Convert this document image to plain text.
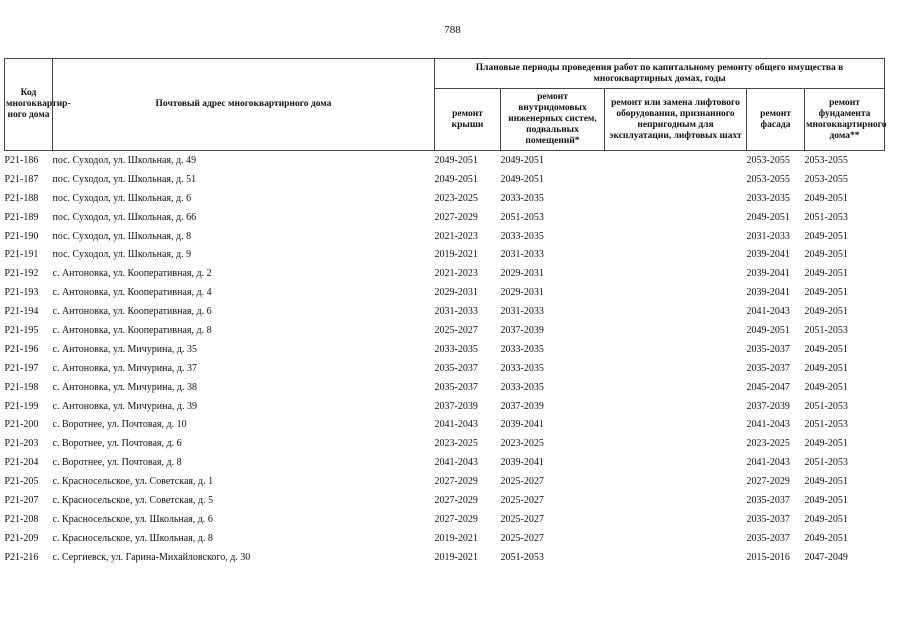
788
Код многоквартир-ного дома	Почтовый адрес многоквартирного дома	Плановые периоды проведения работ по капитальному ремонту общего имущества в многоквартирных домах, годы				
		ремонт крыши	ремонт внутридомовых инженерных систем, подвальных помещений*	ремонт или замена лифтового оборудования, признанного непригодным для эксплуатации, лифтовых шахт	ремонт фасада	ремонт фундамента многоквартирного дома**
P21-186	пос. Суходол, ул. Школьная, д. 49	2049-2051	2049-2051		2053-2055	2053-2055
P21-187	пос. Суходол, ул. Школьная, д. 51	2049-2051	2049-2051		2053-2055	2053-2055
P21-188	пос. Суходол, ул. Школьная, д. 6	2023-2025	2033-2035		2033-2035	2049-2051
P21-189	пос. Суходол, ул. Школьная, д. 66	2027-2029	2051-2053		2049-2051	2051-2053
P21-190	пос. Суходол, ул. Школьная, д. 8	2021-2023	2033-2035		2031-2033	2049-2051
P21-191	пос. Суходол, ул. Школьная, д. 9	2019-2021	2031-2033		2039-2041	2049-2051
P21-192	с. Антоновка, ул. Кооперативная, д. 2	2021-2023	2029-2031		2039-2041	2049-2051
P21-193	с. Антоновка, ул. Кооперативная, д. 4	2029-2031	2029-2031		2039-2041	2049-2051
P21-194	с. Антоновка, ул. Кооперативная, д. 6	2031-2033	2031-2033		2041-2043	2049-2051
P21-195	с. Антоновка, ул. Кооперативная, д. 8	2025-2027	2037-2039		2049-2051	2051-2053
P21-196	с. Антоновка, ул. Мичурина, д. 35	2033-2035	2033-2035		2035-2037	2049-2051
P21-197	с. Антоновка, ул. Мичурина, д. 37	2035-2037	2033-2035		2035-2037	2049-2051
P21-198	с. Антоновка, ул. Мичурина, д. 38	2035-2037	2033-2035		2045-2047	2049-2051
P21-199	с. Антоновка, ул. Мичурина, д. 39	2037-2039	2037-2039		2037-2039	2051-2053
P21-200	с. Воротнее, ул. Почтовая, д. 10	2041-2043	2039-2041		2041-2043	2051-2053
P21-203	с. Воротнее, ул. Почтовая, д. 6	2023-2025	2023-2025		2023-2025	2049-2051
P21-204	с. Воротнее, ул. Почтовая, д. 8	2041-2043	2039-2041		2041-2043	2051-2053
P21-205	с. Красносельское, ул. Советская, д. 1	2027-2029	2025-2027		2027-2029	2049-2051
P21-207	с. Красносельское, ул. Советская, д. 5	2027-2029	2025-2027		2035-2037	2049-2051
P21-208	с. Красносельское, ул. Школьная, д. 6	2027-2029	2025-2027		2035-2037	2049-2051
P21-209	с. Красносельское, ул. Школьная, д. 8	2019-2021	2025-2027		2035-2037	2049-2051
P21-216	с. Сергиевск, ул. Гарина-Михайловского, д. 30	2019-2021	2051-2053		2015-2016	2047-2049
